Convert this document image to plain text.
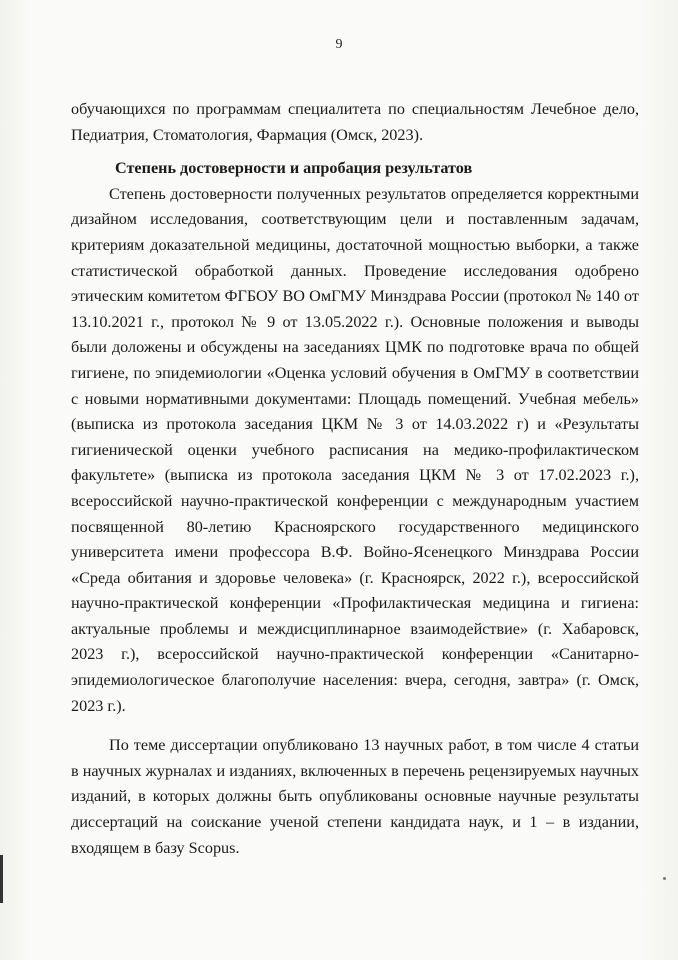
9

обучающихся по программам специалитета по специальностям Лечебное дело, Педиатрия, Стоматология, Фармация (Омск, 2023).

Степень достоверности и апробация результатов

Степень достоверности полученных результатов определяется корректными дизайном исследования, соответствующим цели и поставленным задачам, критериям доказательной медицины, достаточной мощностью выборки, а также статистической обработкой данных. Проведение исследования одобрено этическим комитетом ФГБОУ ВО ОмГМУ Минздрава России (протокол № 140 от 13.10.2021 г., протокол № 9 от 13.05.2022 г.). Основные положения и выводы были доложены и обсуждены на заседаниях ЦМК по подготовке врача по общей гигиене, по эпидемиологии «Оценка условий обучения в ОмГМУ в соответствии с новыми нормативными документами: Площадь помещений. Учебная мебель» (выписка из протокола заседания ЦКМ № 3 от 14.03.2022 г) и «Результаты гигиенической оценки учебного расписания на медико-профилактическом факультете» (выписка из протокола заседания ЦКМ № 3 от 17.02.2023 г.), всероссийской научно-практической конференции с международным участием посвященной 80-летию Красноярского государственного медицинского университета имени профессора В.Ф. Войно-Ясенецкого Минздрава России «Среда обитания и здоровье человека» (г. Красноярск, 2022 г.), всероссийской научно-практической конференции «Профилактическая медицина и гигиена: актуальные проблемы и междисциплинарное взаимодействие» (г. Хабаровск, 2023 г.), всероссийской научно-практической конференции «Санитарно-эпидемиологическое благополучие населения: вчера, сегодня, завтра» (г. Омск, 2023 г.).

По теме диссертации опубликовано 13 научных работ, в том числе 4 статьи в научных журналах и изданиях, включенных в перечень рецензируемых научных изданий, в которых должны быть опубликованы основные научные результаты диссертаций на соискание ученой степени кандидата наук, и 1 – в издании, входящем в базу Scopus.
